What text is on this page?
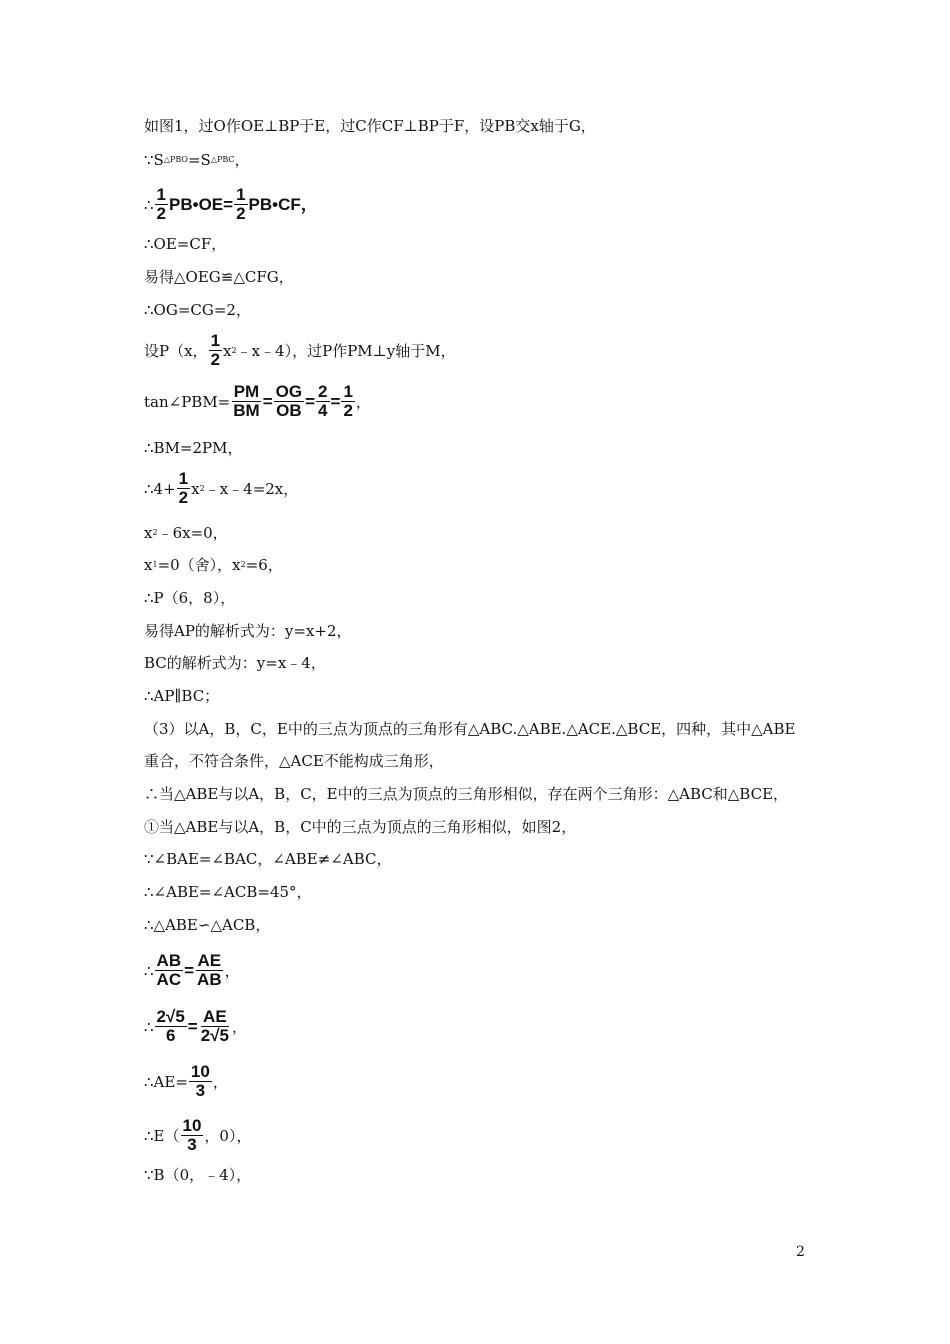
如图1，过O作OE⊥BP于E，过C作CF⊥BP于F，设PB交x轴于G，
∵S △PBO =S △PBC ，
∴ $\frac{1}{2}$ PB•OE= $\frac{1}{2}$ PB•CF，
∴OE=CF，
易得△OEG≌△CFG，
∴OG=CG=2，
设P（x， $\frac{1}{2}$ x 2 ﹣x﹣4），过P作PM⊥y轴于M，
tan∠PBM= $\frac{PM}{BM} = \frac{OG}{OB} = \frac{2}{4} = \frac{1}{2}$ ，
∴BM=2PM，
∴4+ $\frac{1}{2}$ x 2 ﹣x﹣4=2x，
x 2 ﹣6x=0，
x 1 =0（舍），x 2 =6，
∴P（6，8），
易得AP的解析式为：y=x+2，
BC的解析式为：y=x﹣4，
∴AP∥BC；
（3）以A，B，C，E中的三点为顶点的三角形有△ABC.△ABE.△ACE.△BCE，四种，其中△ABE
重合，不符合条件，△ACE不能构成三角形，
∴当△ABE与以A，B，C，E中的三点为顶点的三角形相似，存在两个三角形：△ABC和△BCE，
①当△ABE与以A，B，C中的三点为顶点的三角形相似，如图2，
∵∠BAE=∠BAC，∠ABE≠∠ABC，
∴∠ABE=∠ACB=45°，
∴△ABE∽△ACB，
∴ $\frac{AB}{AC} = \frac{AE}{AB}$ ，
∴ $\frac{2√5}{6} = \frac{AE}{2√5}$ ，
∴AE= $\frac{10}{3}$ ，
∴E（ $\frac{10}{3}$ ，0），
∵B（0，﹣4），
2
